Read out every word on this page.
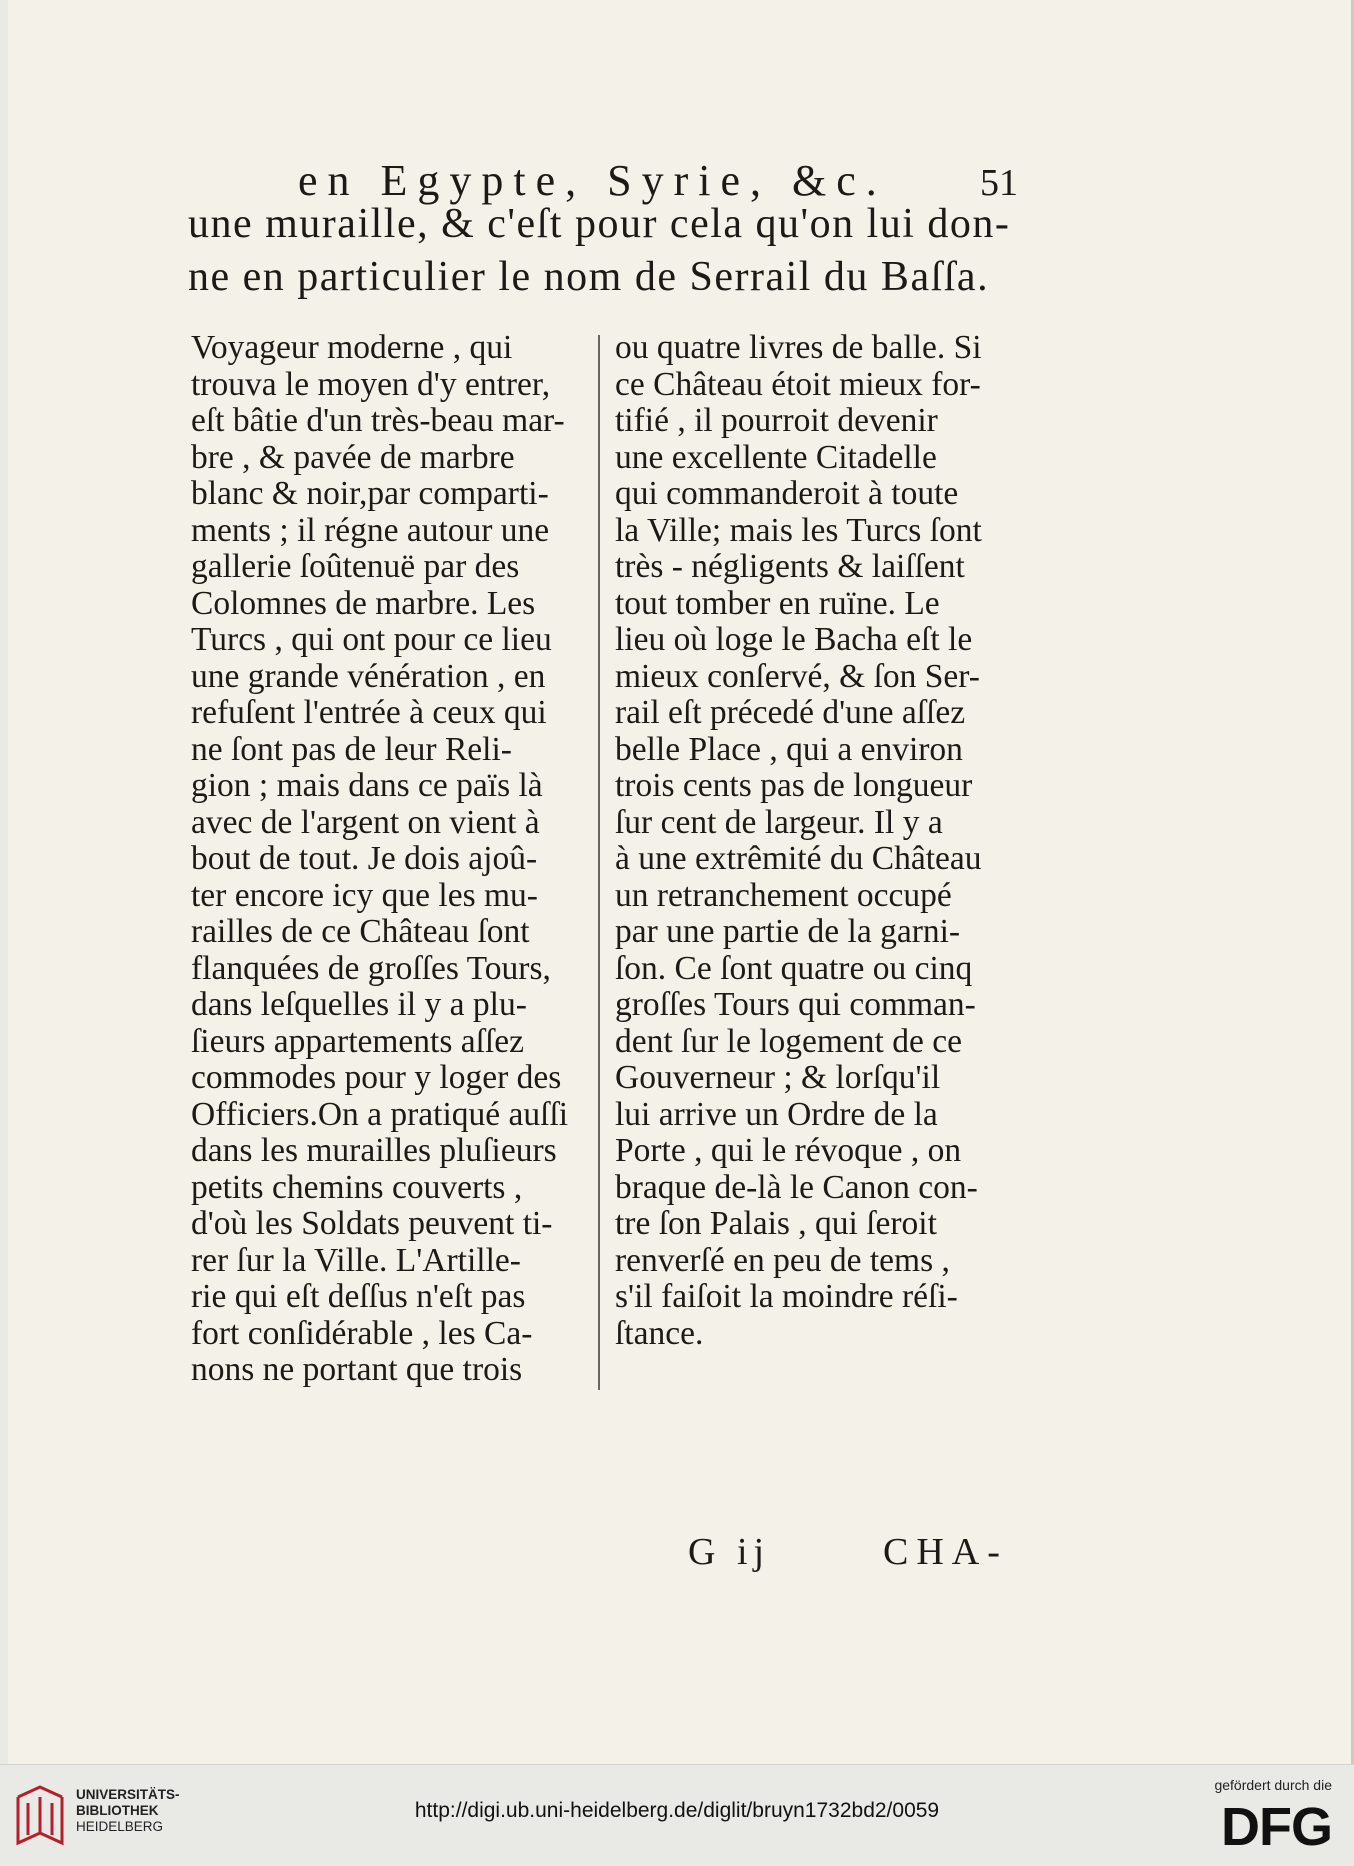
en Egypte, Syrie, &c.	51
une muraille, & c'eſt pour cela qu'on lui don-
ne en particulier le nom de Serrail du Baſſa.
Voyageur moderne , qui
trouva le moyen d'y entrer,
eſt bâtie d'un très-beau mar-
bre , & pavée de marbre
blanc & noir,par comparti-
ments ; il régne autour une
gallerie ſoûtenuë par des
Colomnes de marbre. Les
Turcs , qui ont pour ce lieu
une grande vénération , en
refuſent l'entrée à ceux qui
ne ſont pas de leur Reli-
gion ; mais dans ce païs là
avec de l'argent on vient à
bout de tout. Je dois ajoû-
ter encore icy que les mu-
railles de ce Château ſont
flanquées de groſſes Tours,
dans leſquelles il y a plu-
ſieurs appartements aſſez
commodes pour y loger des
Officiers.On a pratiqué auſſi
dans les murailles pluſieurs
petits chemins couverts ,
d'où les Soldats peuvent ti-
rer ſur la Ville. L'Artille-
rie qui eſt deſſus n'eſt pas
fort conſidérable , les Ca-
nons ne portant que trois
ou quatre livres de balle. Si
ce Château étoit mieux for-
tifié , il pourroit devenir
une excellente Citadelle
qui commanderoit à toute
la Ville; mais les Turcs ſont
très - négligents & laiſſent
tout tomber en ruïne. Le
lieu où loge le Bacha eſt le
mieux conſervé, & ſon Ser-
rail eſt précedé d'une aſſez
belle Place , qui a environ
trois cents pas de longueur
ſur cent de largeur. Il y a
à une extrêmité du Château
un retranchement occupé
par une partie de la garni-
ſon. Ce ſont quatre ou cinq
groſſes Tours qui comman-
dent ſur le logement de ce
Gouverneur ; & lorſqu'il
lui arrive un Ordre de la
Porte , qui le révoque , on
braque de-là le Canon con-
tre ſon Palais , qui ſeroit
renverſé en peu de tems ,
s'il faiſoit la moindre réſi-
ſtance.
G ij	CHA-
UNIVERSITÄTS-
BIBLIOTHEK
HEIDELBERG
http://digi.ub.uni-heidelberg.de/diglit/bruyn1732bd2/0059
gefördert durch die
DFG
